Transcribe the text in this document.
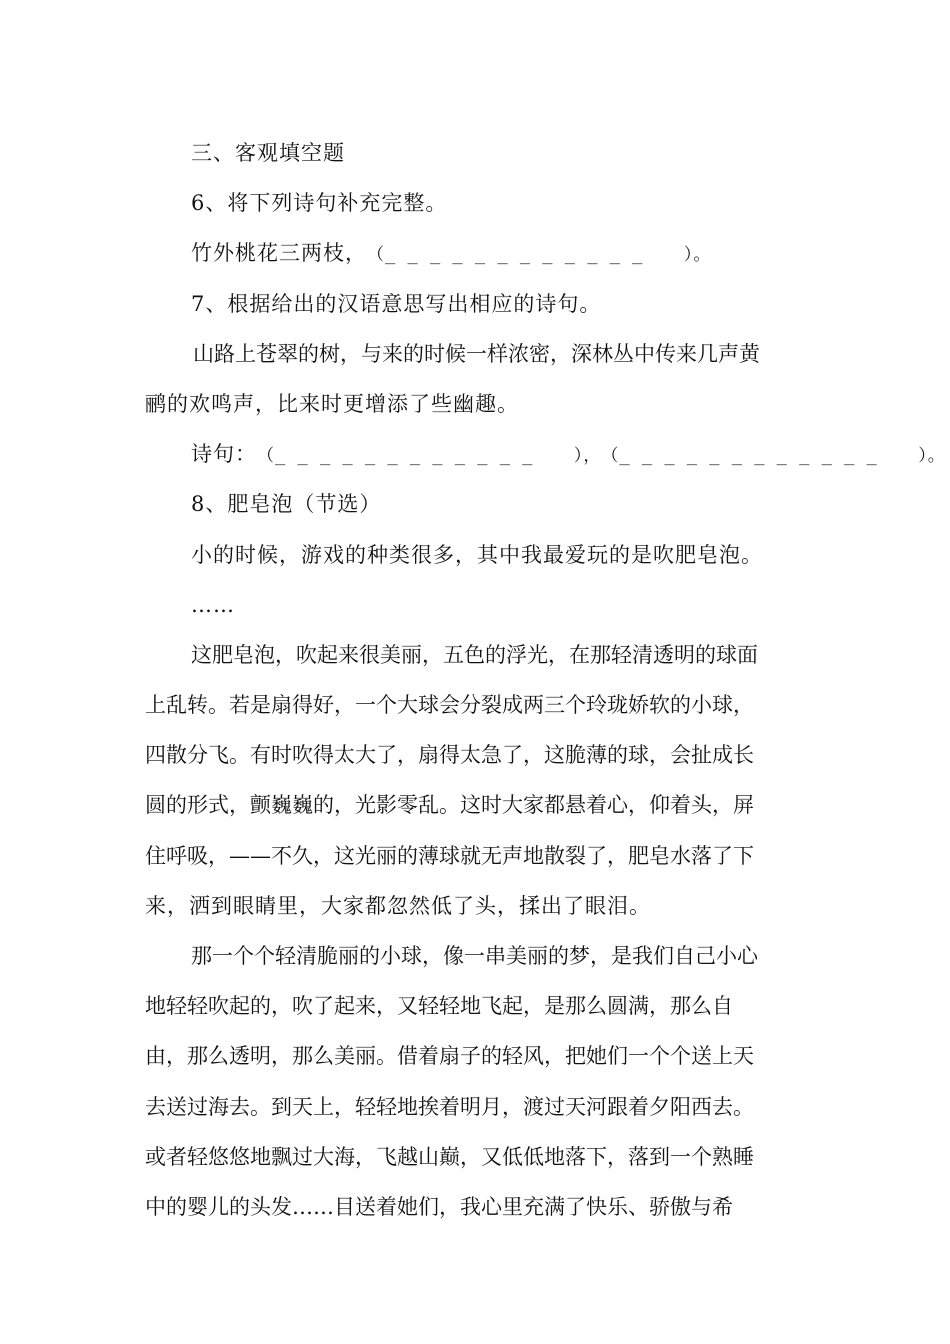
三、客观填空题
6、将下列诗句补充完整。
竹外桃花三两枝，（_ _ _ _ _ _ _ _ _ _ _ _ 　 ）。
7、根据给出的汉语意思写出相应的诗句。
山路上苍翠的树，与来的时候一样浓密，深林丛中传来几声黄
鹂的欢鸣声，比来时更增添了些幽趣。
诗句：（_ _ _ _ _ _ _ _ _ _ _ _ 　 ），（_ _ _ _ _ _ _ _ _ _ _ _ 　 ）。
8、肥皂泡（节选）
小的时候，游戏的种类很多，其中我最爱玩的是吹肥皂泡。
……
这肥皂泡，吹起来很美丽，五色的浮光，在那轻清透明的球面
上乱转。若是扇得好，一个大球会分裂成两三个玲珑娇软的小球，
四散分飞。有时吹得太大了，扇得太急了，这脆薄的球，会扯成长
圆的形式，颤巍巍的，光影零乱。这时大家都悬着心，仰着头，屏
住呼吸，——不久，这光丽的薄球就无声地散裂了，肥皂水落了下
来，洒到眼睛里，大家都忽然低了头，揉出了眼泪。
那一个个轻清脆丽的小球，像一串美丽的梦，是我们自己小心
地轻轻吹起的，吹了起来，又轻轻地飞起，是那么圆满，那么自
由，那么透明，那么美丽。借着扇子的轻风，把她们一个个送上天
去送过海去。到天上，轻轻地挨着明月，渡过天河跟着夕阳西去。
或者轻悠悠地飘过大海，飞越山巅，又低低地落下，落到一个熟睡
中的婴儿的头发……目送着她们，我心里充满了快乐、骄傲与希
